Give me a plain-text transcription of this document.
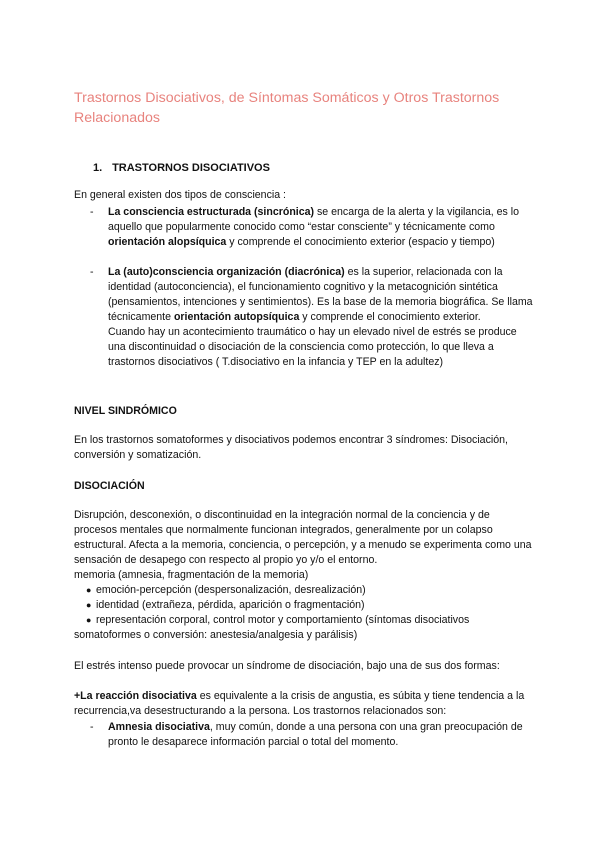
Trastornos Disociativos, de Síntomas Somáticos y Otros Trastornos Relacionados
1. TRASTORNOS DISOCIATIVOS
En general existen dos tipos de consciencia :
- La consciencia estructurada (sincrónica) se encarga de la alerta y la vigilancia, es lo aquello que popularmente conocido como “estar consciente” y técnicamente como orientación alopsíquica y comprende el conocimiento exterior (espacio y tiempo)
- La (auto)consciencia organización (diacrónica) es la superior, relacionada con la identidad (autoconciencia), el funcionamiento cognitivo y la metacognición sintética (pensamientos, intenciones y sentimientos). Es la base de la memoria biográfica. Se llama técnicamente orientación autopsíquica y comprende el conocimiento exterior.
Cuando hay un acontecimiento traumático o hay un elevado nivel de estrés se produce una discontinuidad o disociación de la consciencia como protección, lo que lleva a trastornos disociativos ( T.disociativo en la infancia y TEP en la adultez)
NIVEL SINDRÓMICO
En los trastornos somatoformes y disociativos podemos encontrar 3 síndromes: Disociación, conversión y somatización.
DISOCIACIÓN
Disrupción, desconexión, o discontinuidad en la integración normal de la conciencia y de procesos mentales que normalmente funcionan integrados, generalmente por un colapso estructural. Afecta a la memoria, conciencia, o percepción, y a menudo se experimenta como una sensación de desapego con respecto al propio yo y/o el entorno.
memoria (amnesia, fragmentación de la memoria)
● emoción-percepción (despersonalización, desrealización)
● identidad (extrañeza, pérdida, aparición o fragmentación)
● representación corporal, control motor y comportamiento (síntomas disociativos somatoformes o conversión: anestesia/analgesia y parálisis)
El estrés intenso puede provocar un síndrome de disociación, bajo una de sus dos formas:
+La reacción disociativa es equivalente a la crisis de angustia, es súbita y tiene tendencia a la recurrencia,va desestructurando a la persona. Los trastornos relacionados son:
- Amnesia disociativa, muy común, donde a una persona con una gran preocupación de pronto le desaparece información parcial o total del momento.
